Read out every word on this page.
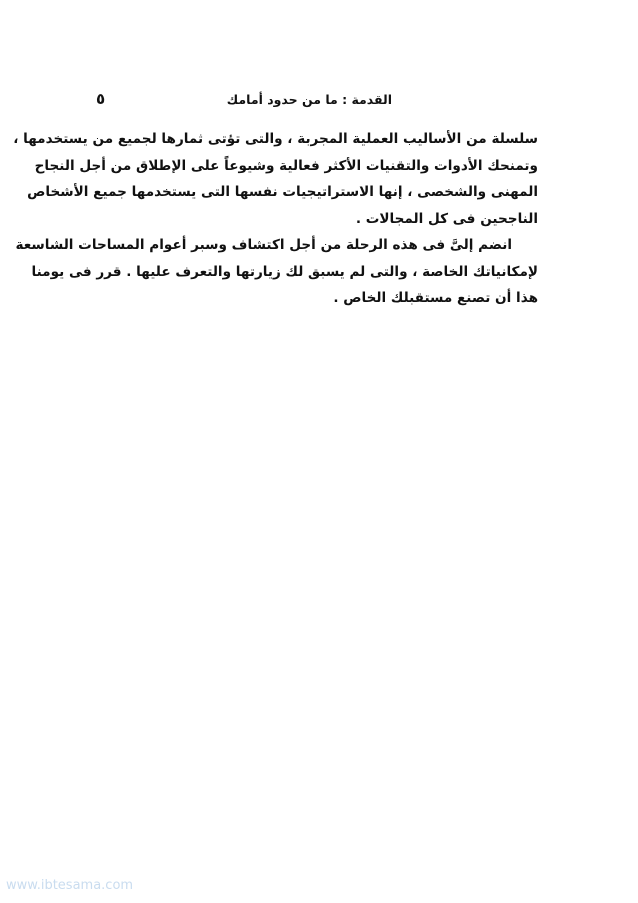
القدمة : ما من حدود أمامك
٥
سلسلة من الأساليب العملية المجربة ، والتى تؤتى ثمارها لجميع من يستخدمها ،
وتمنحك الأدوات والتقنيات الأكثر فعالية وشيوعاً على الإطلاق من أجل النجاح
المهنى والشخصى ، إنها الاستراتيجيات نفسها التى يستخدمها جميع الأشخاص
الناجحين فى كل المجالات .
انضم إلىَّ فى هذه الرحلة من أجل اكتشاف وسبر أعوام المساحات الشاسعة
لإمكانياتك الخاصة ، والتى لم يسبق لك زيارتها والتعرف عليها . قرر فى يومنا
هذا أن تصنع مستقبلك الخاص .
www.ibtesama.com
